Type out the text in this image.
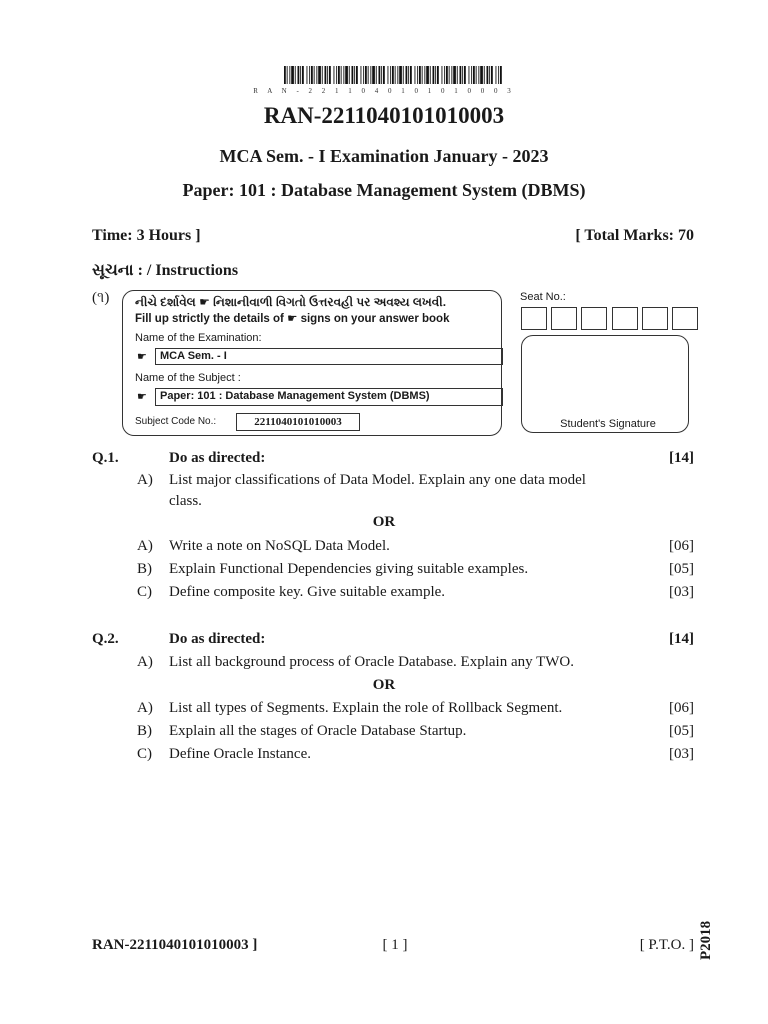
R A N - 2 2 1 1 0 4 0 1 0 1 0 1 0 0 0 3
RAN-2211040101010003
MCA Sem. - I Examination January - 2023
Paper: 101 : Database Management System (DBMS)
Time: 3 Hours ]	[ Total Marks: 70
સૂચના : / Instructions
(૧) નીચે દર્શાવેલ ☛ નિશાનીવાળી વિગતો ઉત્તરવહી પર અવશ્ય લખવી.
Fill up strictly the details of ☛ signs on your answer book
Name of the Examination:
☛	MCA Sem. - I
Name of the Subject :
☛	Paper: 101 : Database Management System (DBMS)
Subject Code No.:	2211040101010003
Seat No.:
Student's Signature
Q.1.	Do as directed:	[14]
A) List major classifications of Data Model. Explain any one data model class.
OR
A) Write a note on NoSQL Data Model.	[06]
B) Explain Functional Dependencies giving suitable examples.	[05]
C) Define composite key. Give suitable example.	[03]
Q.2.	Do as directed:	[14]
A) List all background process of Oracle Database. Explain any TWO.
OR
A) List all types of Segments. Explain the role of Rollback Segment.	[06]
B) Explain all the stages of Oracle Database Startup.	[05]
C) Define Oracle Instance.	[03]
RAN-2211040101010003 ]	[ 1 ]	[ P.T.O. ] P2018
